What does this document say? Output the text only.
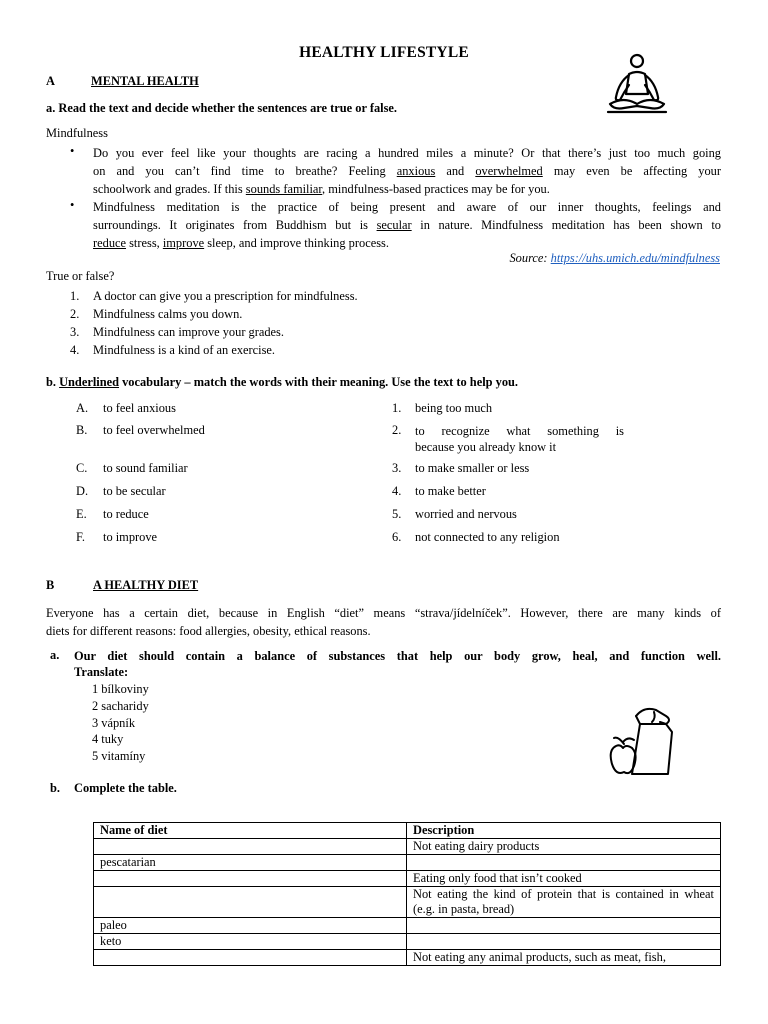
HEALTHY LIFESTYLE
A	MENTAL HEALTH
a. Read the text and decide whether the sentences are true or false.
Mindfulness
• Do you ever feel like your thoughts are racing a hundred miles a minute? Or that there’s just too much going
on and you can’t find time to breathe? Feeling anxious and overwhelmed may even be affecting your
schoolwork and grades. If this sounds familiar, mindfulness-based practices may be for you.
• Mindfulness meditation is the practice of being present and aware of our inner thoughts, feelings and
surroundings. It originates from Buddhism but is secular in nature. Mindfulness meditation has been shown to
reduce stress, improve sleep, and improve thinking process.
Source: https://uhs.umich.edu/mindfulness
True or false?
1. A doctor can give you a prescription for mindfulness.
2. Mindfulness calms you down.
3. Mindfulness can improve your grades.
4. Mindfulness is a kind of an exercise.
b. Underlined vocabulary – match the words with their meaning. Use the text to help you.
A. to feel anxious
B. to feel overwhelmed
C. to sound familiar
D. to be secular
E. to reduce
F. to improve
1. being too much
2. to recognize what something is
because you already know it
3. to make smaller or less
4. to make better
5. worried and nervous
6. not connected to any religion
B	A HEALTHY DIET
Everyone has a certain diet, because in English “diet” means “strava/jídelníček”. However, there are many kinds of
diets for different reasons: food allergies, obesity, ethical reasons.
a. Our diet should contain a balance of substances that help our body grow, heal, and function well.
Translate:
1 bílkoviny
2 sacharidy
3 vápník
4 tuky
5 vitamíny
b. Complete the table.
Name of diet	Description
	Not eating dairy products
pescatarian	
	Eating only food that isn’t cooked
	Not eating the kind of protein that is contained in wheat (e.g. in pasta, bread)
paleo	
keto	
	Not eating any animal products, such as meat, fish,
